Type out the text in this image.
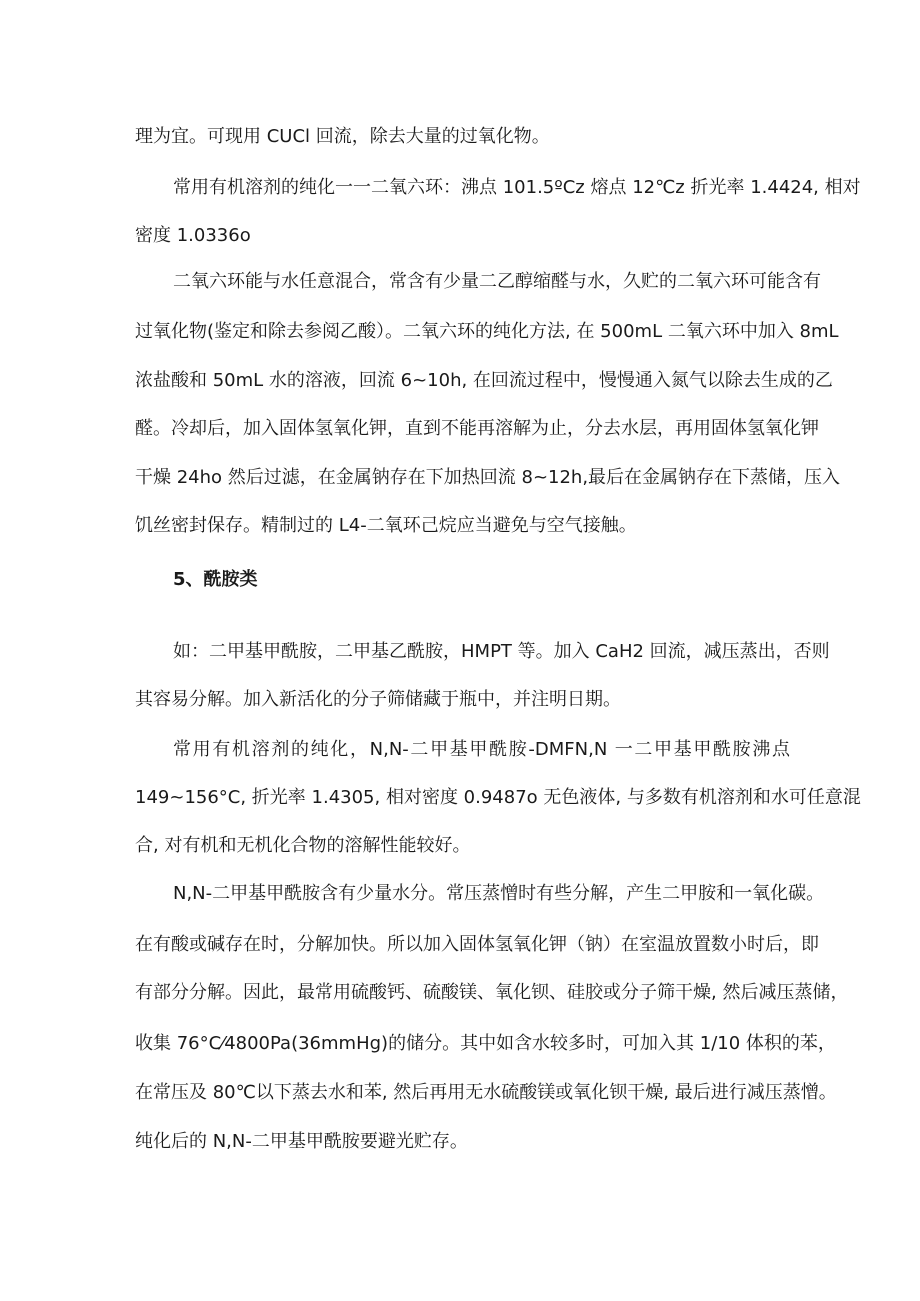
理为宜。可现用 CUCl 回流，除去大量的过氧化物。
常用有机溶剂的纯化一一二氧六环：沸点 101.5ºCz 熔点 12℃z 折光率 1.4424, 相对
密度 1.0336o
二氧六环能与水任意混合，常含有少量二乙醇缩醛与水，久贮的二氧六环可能含有
过氧化物(鉴定和除去参阅乙酸）。二氧六环的纯化方法, 在 500mL 二氧六环中加入 8mL
浓盐酸和 50mL 水的溶液，回流 6~10h, 在回流过程中，慢慢通入氮气以除去生成的乙
醛。冷却后，加入固体氢氧化钾，直到不能再溶解为止，分去水层，再用固体氢氧化钾
干燥 24ho 然后过滤，在金属钠存在下加热回流 8~12h,最后在金属钠存在下蒸储，压入
饥丝密封保存。精制过的 L4-二氧环己烷应当避免与空气接触。
5、酰胺类
如：二甲基甲酰胺，二甲基乙酰胺，HMPT 等。加入 CaH2 回流，减压蒸出，否则
其容易分解。加入新活化的分子筛储藏于瓶中，并注明日期。
常用有机溶剂的纯化，N,N-二甲基甲酰胺-DMFN,N 一二甲基甲酰胺沸点
149~156°C, 折光率 1.4305, 相对密度 0.9487o 无色液体, 与多数有机溶剂和水可任意混
合, 对有机和无机化合物的溶解性能较好。
N,N-二甲基甲酰胺含有少量水分。常压蒸憎时有些分解，产生二甲胺和一氧化碳。
在有酸或碱存在时，分解加快。所以加入固体氢氧化钾（钠）在室温放置数小时后，即
有部分分解。因此，最常用硫酸钙、硫酸镁、氧化钡、硅胶或分子筛干燥, 然后减压蒸储，
收集 76°C⁄4800Pa(36mmHg)的储分。其中如含水较多时，可加入其 1/10 体积的苯，
在常压及 80℃以下蒸去水和苯, 然后再用无水硫酸镁或氧化钡干燥, 最后进行减压蒸憎。
纯化后的 N,N-二甲基甲酰胺要避光贮存。
